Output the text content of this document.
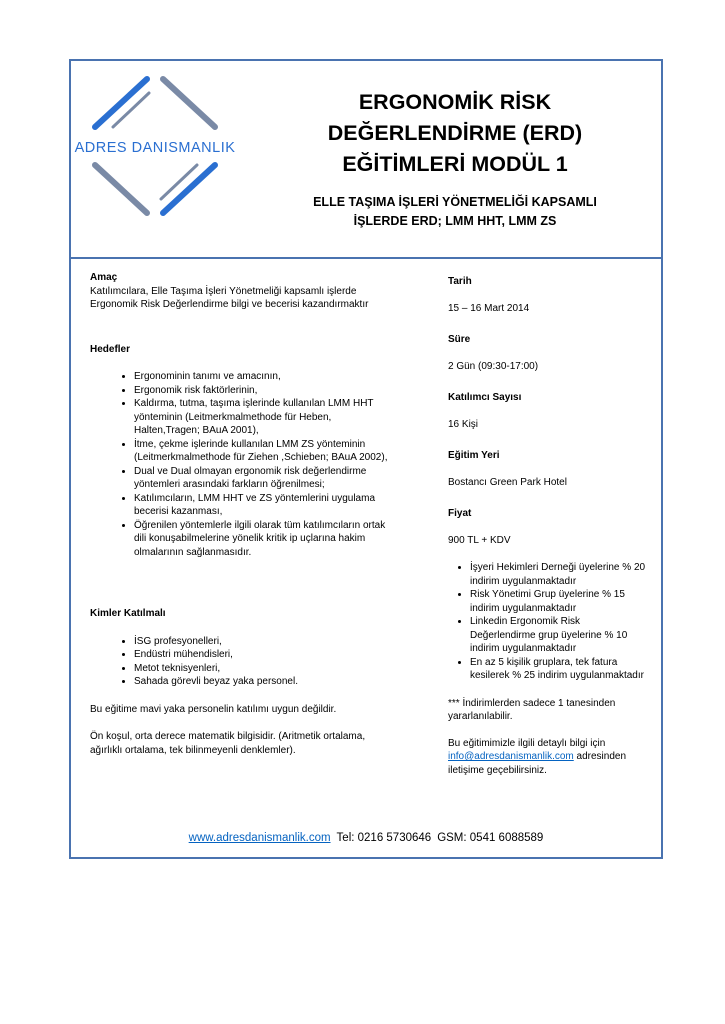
ADRES DANISMANLIK
ERGONOMİK RİSK
DEĞERLENDİRME (ERD)
EĞİTİMLERİ MODÜL 1
ELLE TAŞIMA İŞLERİ YÖNETMELİĞİ KAPSAMLI
İŞLERDE ERD; LMM HHT, LMM ZS
Amaç

Katılımcılara, Elle Taşıma İşleri Yönetmeliği kapsamlı işlerde Ergonomik Risk Değerlendirme bilgi ve becerisi kazandırmaktır

Hedefler
• Ergonominin tanımı ve amacının,
• Ergonomik risk faktörlerinin,
• Kaldırma, tutma, taşıma işlerinde kullanılan LMM HHT yönteminin (Leitmerkmalmethode für Heben, Halten,Tragen; BAuA 2001),
• İtme, çekme işlerinde kullanılan LMM ZS yönteminin (Leitmerkmalmethode für Ziehen ,Schieben; BAuA 2002),
• Dual ve Dual olmayan ergonomik risk değerlendirme yöntemleri arasındaki farkların öğrenilmesi;
• Katılımcıların, LMM HHT ve ZS yöntemlerini uygulama becerisi kazanması,
• Öğrenilen yöntemlerle ilgili olarak tüm katılımcıların ortak dili konuşabilmelerine yönelik kritik ip uçlarına hakim olmalarının sağlanmasıdır.
Kimler Katılmalı
• İSG profesyonelleri,
• Endüstri mühendisleri,
• Metot teknisyenleri,
• Sahada görevli beyaz yaka personel.

Bu eğitime mavi yaka personelin katılımı uygun değildir.

Ön koşul, orta derece matematik bilgisidir. (Aritmetik ortalama, ağırlıklı ortalama, tek bilinmeyenli denklemler).

Tarih

15 – 16 Mart 2014

Süre

2 Gün (09:30-17:00)

Katılımcı Sayısı

16 Kişi

Eğitim Yeri

Bostancı Green Park Hotel

Fiyat

900 TL + KDV

• İşyeri Hekimleri Derneği üyelerine % 20 indirim uygulanmaktadır
• Risk Yönetimi Grup üyelerine % 15 indirim uygulanmaktadır
• Linkedin Ergonomik Risk Değerlendirme grup üyelerine % 10 indirim uygulanmaktadır
• En az 5 kişilik gruplara, tek fatura kesilerek % 25 indirim uygulanmaktadır

*** İndirimlerden sadece 1 tanesinden yararlanılabilir.

Bu eğitimimizle ilgili detaylı bilgi için
info@adresdanismanlik.com adresinden iletişime geçebilirsiniz.

www.adresdanismanlik.com Tel: 0216 5730646 GSM: 0541 6088589
